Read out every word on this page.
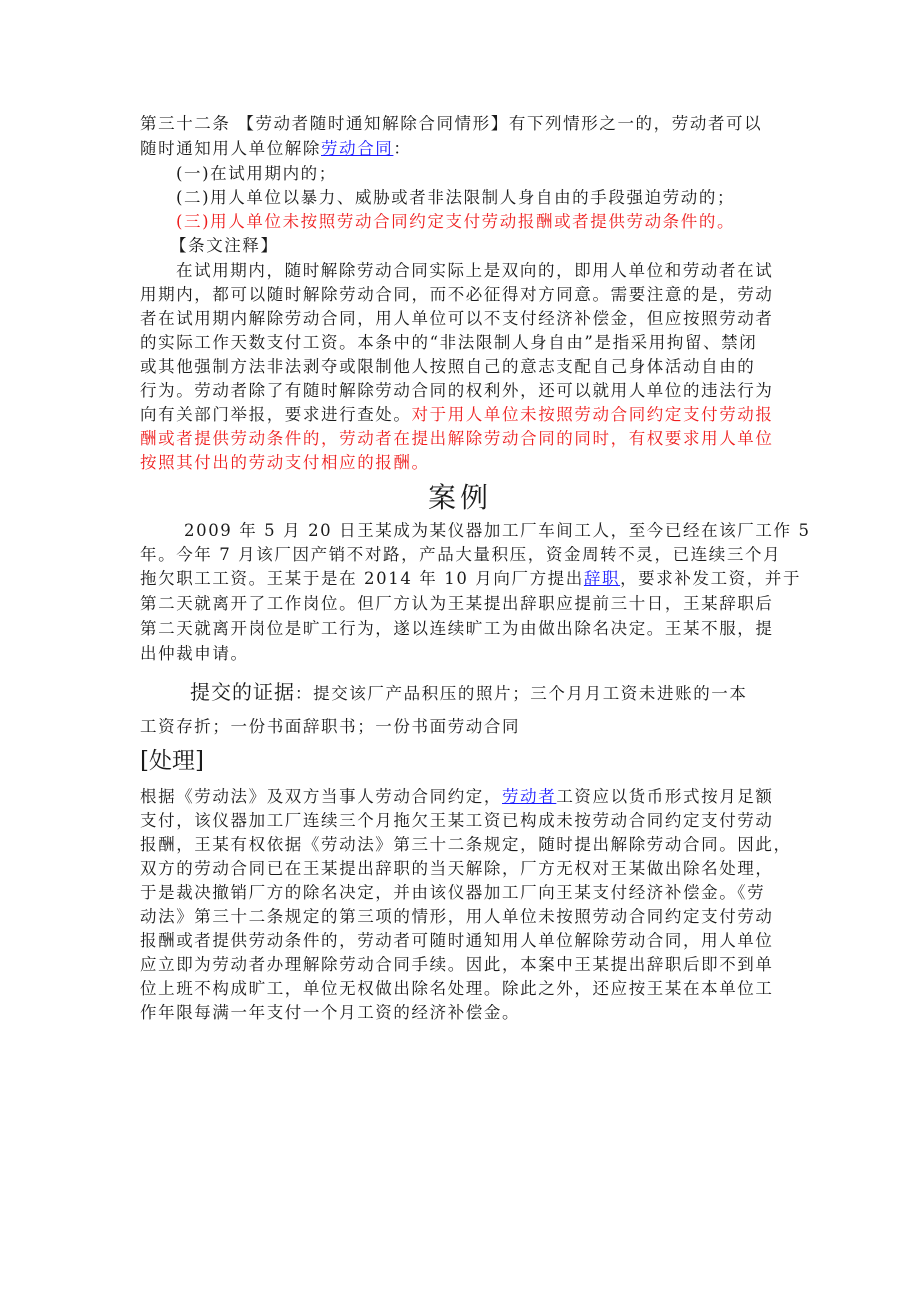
第三十二条 【劳动者随时通知解除合同情形】有下列情形之一的，劳动者可以
随时通知用人单位解除劳动合同：
(一)在试用期内的；
(二)用人单位以暴力、威胁或者非法限制人身自由的手段强迫劳动的；
(三)用人单位未按照劳动合同约定支付劳动报酬或者提供劳动条件的。
【条文注释】
在试用期内，随时解除劳动合同实际上是双向的，即用人单位和劳动者在试
用期内，都可以随时解除劳动合同，而不必征得对方同意。需要注意的是，劳动
者在试用期内解除劳动合同，用人单位可以不支付经济补偿金，但应按照劳动者
的实际工作天数支付工资。本条中的“非法限制人身自由”是指采用拘留、禁闭
或其他强制方法非法剥夺或限制他人按照自己的意志支配自己身体活动自由的
行为。劳动者除了有随时解除劳动合同的权利外，还可以就用人单位的违法行为
向有关部门举报，要求进行查处。对于用人单位未按照劳动合同约定支付劳动报
酬或者提供劳动条件的，劳动者在提出解除劳动合同的同时，有权要求用人单位
按照其付出的劳动支付相应的报酬。
案例
2009 年 5 月 20 日王某成为某仪器加工厂车间工人，至今已经在该厂工作 5
年。今年 7 月该厂因产销不对路，产品大量积压，资金周转不灵，已连续三个月
拖欠职工工资。王某于是在 2014 年 10 月向厂方提出辞职，要求补发工资，并于
第二天就离开了工作岗位。但厂方认为王某提出辞职应提前三十日，王某辞职后
第二天就离开岗位是旷工行为，遂以连续旷工为由做出除名决定。王某不服，提
出仲裁申请。
提交的证据：提交该厂产品积压的照片；三个月月工资未进账的一本
工资存折；一份书面辞职书；一份书面劳动合同
[处理]
根据《劳动法》及双方当事人劳动合同约定，劳动者工资应以货币形式按月足额
支付，该仪器加工厂连续三个月拖欠王某工资已构成未按劳动合同约定支付劳动
报酬，王某有权依据《劳动法》第三十二条规定，随时提出解除劳动合同。因此，
双方的劳动合同已在王某提出辞职的当天解除，厂方无权对王某做出除名处理，
于是裁决撤销厂方的除名决定，并由该仪器加工厂向王某支付经济补偿金。《劳
动法》第三十二条规定的第三项的情形，用人单位未按照劳动合同约定支付劳动
报酬或者提供劳动条件的，劳动者可随时通知用人单位解除劳动合同，用人单位
应立即为劳动者办理解除劳动合同手续。因此，本案中王某提出辞职后即不到单
位上班不构成旷工，单位无权做出除名处理。除此之外，还应按王某在本单位工
作年限每满一年支付一个月工资的经济补偿金。
